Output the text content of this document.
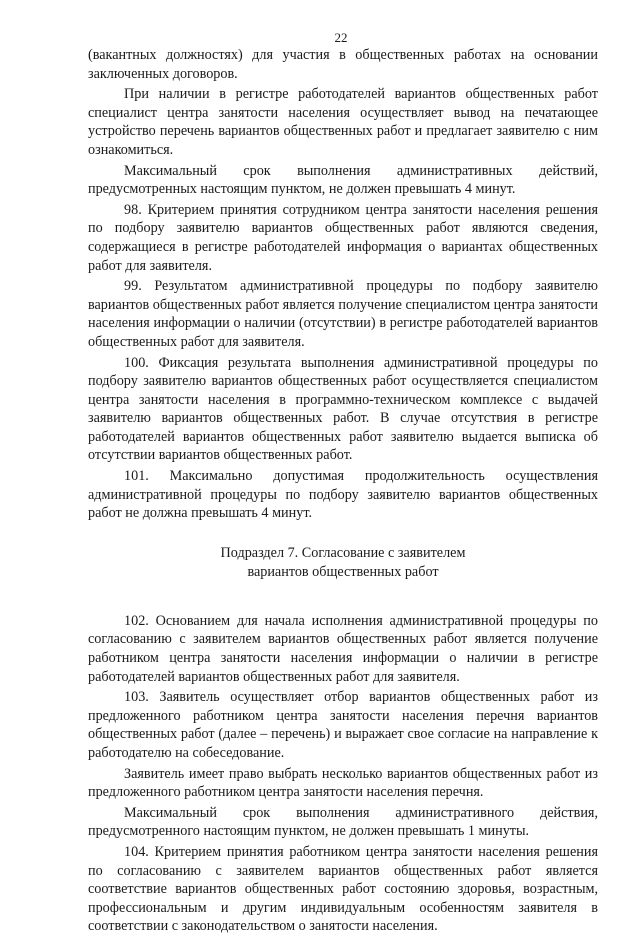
22

(вакантных должностях) для участия в общественных работах на основании заключенных договоров.

При наличии в регистре работодателей вариантов общественных работ специалист центра занятости населения осуществляет вывод на печатающее устройство перечень вариантов общественных работ и предлагает заявителю с ним ознакомиться.

Максимальный срок выполнения административных действий, предусмотренных настоящим пунктом, не должен превышать 4 минут.

98. Критерием принятия сотрудником центра занятости населения решения по подбору заявителю вариантов общественных работ являются сведения, содержащиеся в регистре работодателей информация о вариантах общественных работ для заявителя.

99. Результатом административной процедуры по подбору заявителю вариантов общественных работ является получение специалистом центра занятости населения информации о наличии (отсутствии) в регистре работодателей вариантов общественных работ для заявителя.

100. Фиксация результата выполнения административной процедуры по подбору заявителю вариантов общественных работ осуществляется специалистом центра занятости населения в программно-техническом комплексе с выдачей заявителю вариантов общественных работ. В случае отсутствия в регистре работодателей вариантов общественных работ заявителю выдается выписка об отсутствии вариантов общественных работ.

101. Максимально допустимая продолжительность осуществления административной процедуры по подбору заявителю вариантов общественных работ не должна превышать 4 минут.

Подраздел 7. Согласование с заявителем

вариантов общественных работ

102. Основанием для начала исполнения административной процедуры по согласованию с заявителем вариантов общественных работ является получение работником центра занятости населения информации о наличии в регистре работодателей вариантов общественных работ для заявителя.

103. Заявитель осуществляет отбор вариантов общественных работ из предложенного работником центра занятости населения перечня вариантов общественных работ (далее – перечень) и выражает свое согласие на направление к работодателю на собеседование.

Заявитель имеет право выбрать несколько вариантов общественных работ из предложенного работником центра занятости населения перечня.

Максимальный срок выполнения административного действия, предусмотренного настоящим пунктом, не должен превышать 1 минуты.

104. Критерием принятия работником центра занятости населения решения по согласованию с заявителем вариантов общественных работ является соответствие вариантов общественных работ состоянию здоровья, возрастным, профессиональным и другим индивидуальным особенностям заявителя в соответствии с законодательством о занятости населения.
